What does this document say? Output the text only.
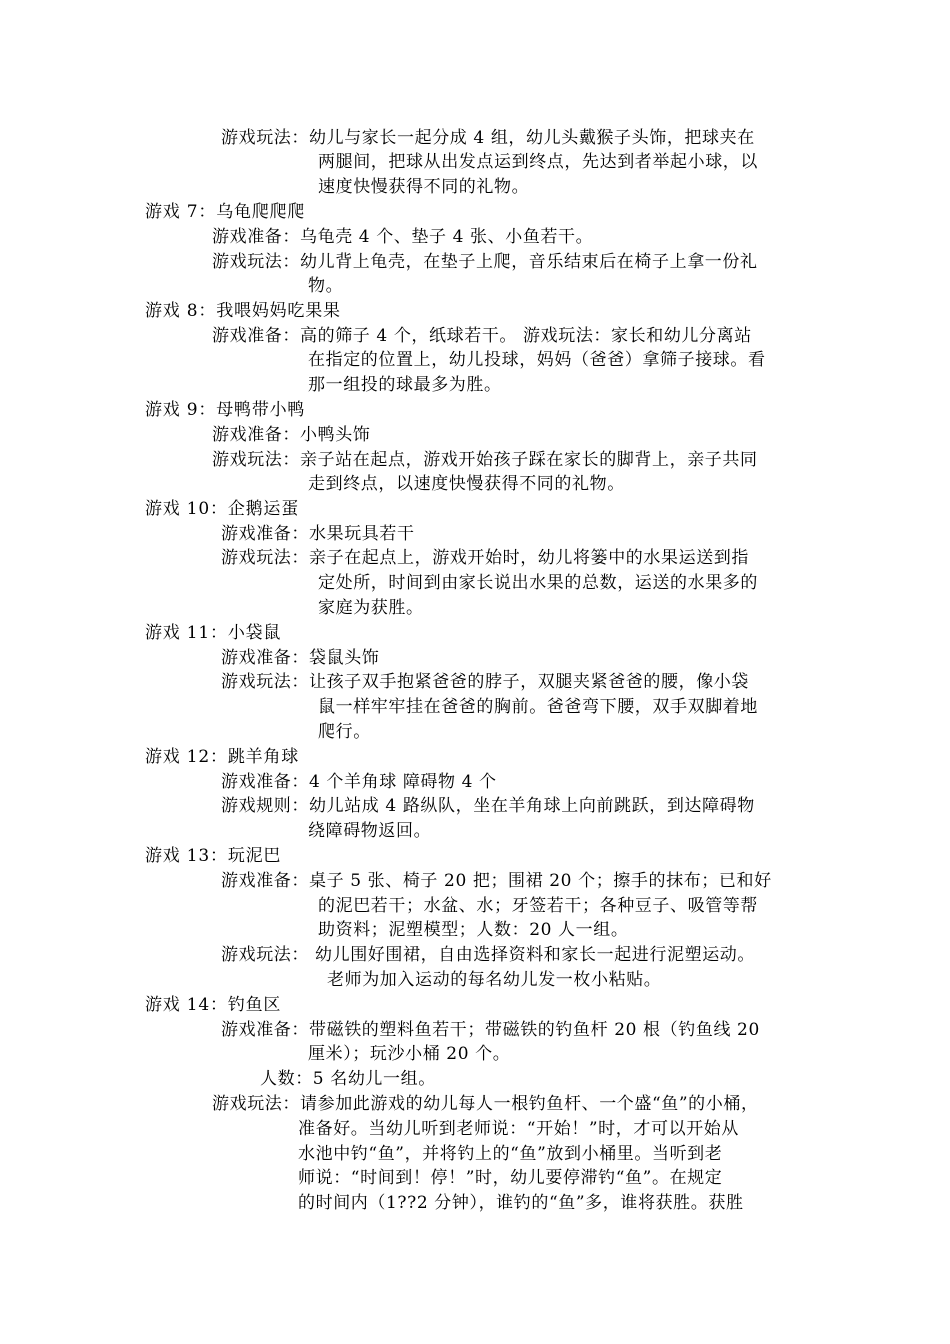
游戏玩法：幼儿与家长一起分成 4 组，幼儿头戴猴子头饰，把球夹在
两腿间，把球从出发点运到终点，先达到者举起小球，以
速度快慢获得不同的礼物。
游戏 7：乌龟爬爬爬
游戏准备：乌龟壳 4 个、垫子 4 张、小鱼若干。
游戏玩法：幼儿背上龟壳，在垫子上爬，音乐结束后在椅子上拿一份礼
物。
游戏 8：我喂妈妈吃果果
游戏准备：高的筛子 4 个，纸球若干。 游戏玩法：家长和幼儿分离站
在指定的位置上，幼儿投球，妈妈（爸爸）拿筛子接球。看
那一组投的球最多为胜。
游戏 9：母鸭带小鸭
游戏准备：小鸭头饰
游戏玩法：亲子站在起点，游戏开始孩子踩在家长的脚背上，亲子共同
走到终点，以速度快慢获得不同的礼物。
游戏 10：企鹅运蛋
游戏准备：水果玩具若干
游戏玩法：亲子在起点上，游戏开始时，幼儿将篓中的水果运送到指
定处所，时间到由家长说出水果的总数，运送的水果多的
家庭为获胜。
游戏 11：小袋鼠
游戏准备：袋鼠头饰
游戏玩法：让孩子双手抱紧爸爸的脖子，双腿夹紧爸爸的腰，像小袋
鼠一样牢牢挂在爸爸的胸前。爸爸弯下腰，双手双脚着地
爬行。
游戏 12：跳羊角球
游戏准备：4 个羊角球 障碍物 4 个
游戏规则：幼儿站成 4 路纵队，坐在羊角球上向前跳跃，到达障碍物
绕障碍物返回。
游戏 13：玩泥巴
游戏准备：桌子 5 张、椅子 20 把；围裙 20 个；擦手的抹布；已和好
的泥巴若干；水盆、水；牙签若干；各种豆子、吸管等帮
助资料；泥塑模型；人数：20 人一组。
游戏玩法： 幼儿围好围裙，自由选择资料和家长一起进行泥塑运动。
老师为加入运动的每名幼儿发一枚小粘贴。
游戏 14：钓鱼区
游戏准备：带磁铁的塑料鱼若干；带磁铁的钓鱼杆 20 根（钓鱼线 20
厘米）；玩沙小桶 20 个。
人数：5 名幼儿一组。
游戏玩法：请参加此游戏的幼儿每人一根钓鱼杆、一个盛“鱼”的小桶，
准备好。当幼儿听到老师说：“开始！”时，才可以开始从
水池中钓“鱼”，并将钓上的“鱼”放到小桶里。当听到老
师说：“时间到！停！”时，幼儿要停滞钓“鱼”。在规定
的时间内（1??2 分钟），谁钓的“鱼”多，谁将获胜。获胜
